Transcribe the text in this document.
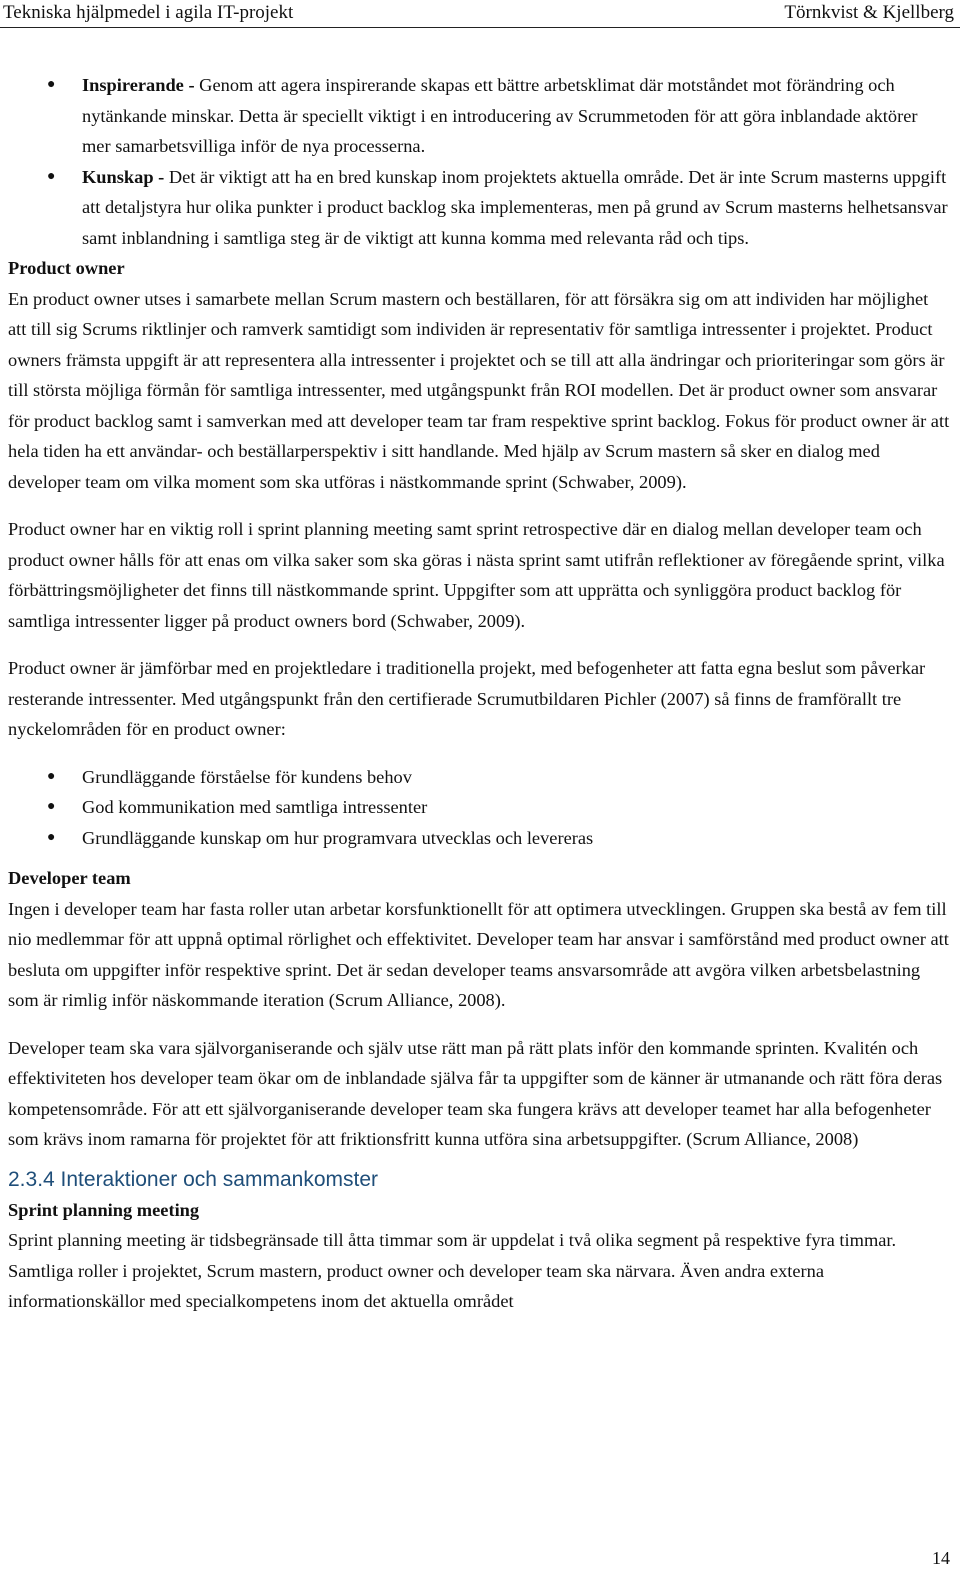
Tekniska hjälpmedel i agila IT-projekt	Törnkvist & Kjellberg
● Inspirerande - Genom att agera inspirerande skapas ett bättre arbetsklimat där motståndet mot förändring och nytänkande minskar. Detta är speciellt viktigt i en introducering av Scrummetoden för att göra inblandade aktörer mer samarbetsvilliga inför de nya processerna.
● Kunskap - Det är viktigt att ha en bred kunskap inom projektets aktuella område. Det är inte Scrum masterns uppgift att detaljstyra hur olika punkter i product backlog ska implementeras, men på grund av Scrum masterns helhetsansvar samt inblandning i samtliga steg är de viktigt att kunna komma med relevanta råd och tips.
Product owner

En product owner utses i samarbete mellan Scrum mastern och beställaren, för att försäkra sig om att individen har möjlighet att till sig Scrums riktlinjer och ramverk samtidigt som individen är representativ för samtliga intressenter i projektet. Product owners främsta uppgift är att representera alla intressenter i projektet och se till att alla ändringar och prioriteringar som görs är till största möjliga förmån för samtliga intressenter, med utgångspunkt från ROI modellen. Det är product owner som ansvarar för product backlog samt i samverkan med att developer team tar fram respektive sprint backlog. Fokus för product owner är att hela tiden ha ett användar- och beställarperspektiv i sitt handlande. Med hjälp av Scrum mastern så sker en dialog med developer team om vilka moment som ska utföras i nästkommande sprint (Schwaber, 2009).

Product owner har en viktig roll i sprint planning meeting samt sprint retrospective där en dialog mellan developer team och product owner hålls för att enas om vilka saker som ska göras i nästa sprint samt utifrån reflektioner av föregående sprint, vilka förbättringsmöjligheter det finns till nästkommande sprint. Uppgifter som att upprätta och synliggöra product backlog för samtliga intressenter ligger på product owners bord (Schwaber, 2009).

Product owner är jämförbar med en projektledare i traditionella projekt, med befogenheter att fatta egna beslut som påverkar resterande intressenter. Med utgångspunkt från den certifierade Scrumutbildaren Pichler (2007) så finns de framförallt tre nyckelområden för en product owner:

● Grundläggande förståelse för kundens behov
● God kommunikation med samtliga intressenter
● Grundläggande kunskap om hur programvara utvecklas och levereras
Developer team

Ingen i developer team har fasta roller utan arbetar korsfunktionellt för att optimera utvecklingen. Gruppen ska bestå av fem till nio medlemmar för att uppnå optimal rörlighet och effektivitet. Developer team har ansvar i samförstånd med product owner att besluta om uppgifter inför respektive sprint. Det är sedan developer teams ansvarsområde att avgöra vilken arbetsbelastning som är rimlig inför näskommande iteration (Scrum Alliance, 2008).

Developer team ska vara självorganiserande och själv utse rätt man på rätt plats inför den kommande sprinten. Kvalitén och effektiviteten hos developer team ökar om de inblandade själva får ta uppgifter som de känner är utmanande och rätt föra deras kompetensområde. För att ett självorganiserande developer team ska fungera krävs att developer teamet har alla befogenheter som krävs inom ramarna för projektet för att friktionsfritt kunna utföra sina arbetsuppgifter. (Scrum Alliance, 2008)

2.3.4 Interaktioner och sammankomster
Sprint planning meeting

Sprint planning meeting är tidsbegränsade till åtta timmar som är uppdelat i två olika segment på respektive fyra timmar. Samtliga roller i projektet, Scrum mastern, product owner och developer team ska närvara. Även andra externa informationskällor med specialkompetens inom det aktuella området

14
